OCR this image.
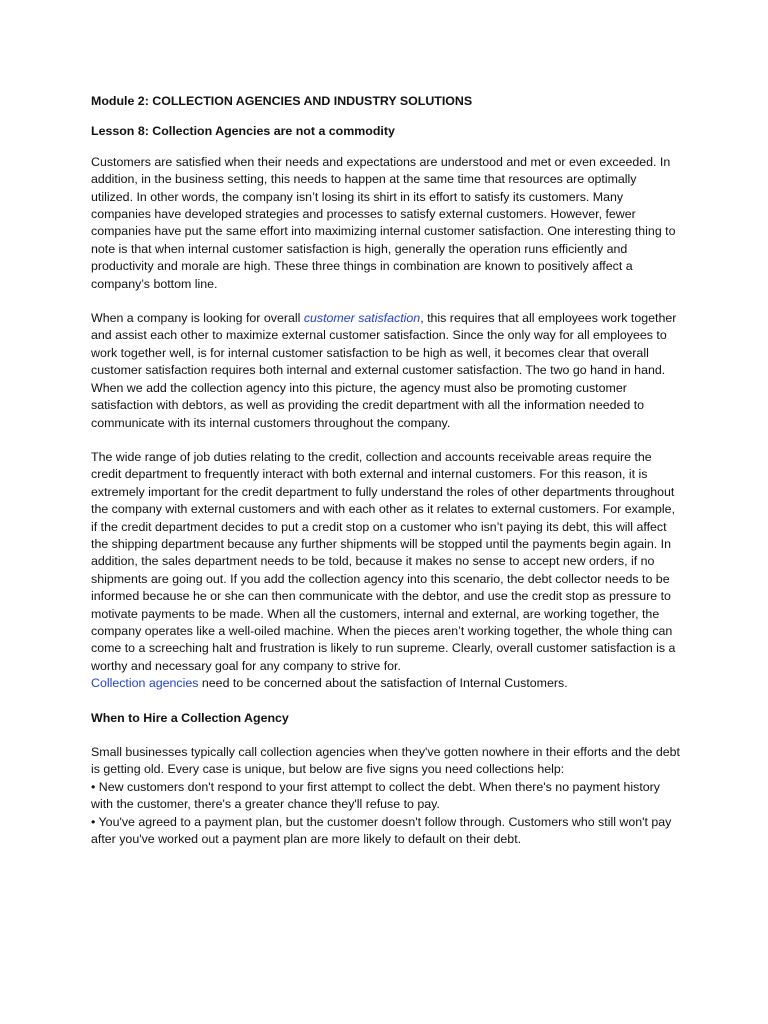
Module 2: COLLECTION AGENCIES AND INDUSTRY SOLUTIONS

Lesson 8: Collection Agencies are not a commodity

Customers are satisfied when their needs and expectations are understood and met or even exceeded. In addition, in the business setting, this needs to happen at the same time that resources are optimally utilized. In other words, the company isn’t losing its shirt in its effort to satisfy its customers. Many companies have developed strategies and processes to satisfy external customers. However, fewer companies have put the same effort into maximizing internal customer satisfaction. One interesting thing to note is that when internal customer satisfaction is high, generally the operation runs efficiently and productivity and morale are high. These three things in combination are known to positively affect a company’s bottom line.

When a company is looking for overall customer satisfaction, this requires that all employees work together and assist each other to maximize external customer satisfaction. Since the only way for all employees to work together well, is for internal customer satisfaction to be high as well, it becomes clear that overall customer satisfaction requires both internal and external customer satisfaction. The two go hand in hand. When we add the collection agency into this picture, the agency must also be promoting customer satisfaction with debtors, as well as providing the credit department with all the information needed to communicate with its internal customers throughout the company.

The wide range of job duties relating to the credit, collection and accounts receivable areas require the credit department to frequently interact with both external and internal customers. For this reason, it is extremely important for the credit department to fully understand the roles of other departments throughout the company with external customers and with each other as it relates to external customers. For example, if the credit department decides to put a credit stop on a customer who isn’t paying its debt, this will affect the shipping department because any further shipments will be stopped until the payments begin again. In addition, the sales department needs to be told, because it makes no sense to accept new orders, if no shipments are going out. If you add the collection agency into this scenario, the debt collector needs to be informed because he or she can then communicate with the debtor, and use the credit stop as pressure to motivate payments to be made. When all the customers, internal and external, are working together, the company operates like a well-oiled machine. When the pieces aren’t working together, the whole thing can come to a screeching halt and frustration is likely to run supreme. Clearly, overall customer satisfaction is a worthy and necessary goal for any company to strive for.

Collection agencies need to be concerned about the satisfaction of Internal Customers.

When to Hire a Collection Agency

Small businesses typically call collection agencies when they've gotten nowhere in their efforts and the debt is getting old. Every case is unique, but below are five signs you need collections help:

• New customers don't respond to your first attempt to collect the debt. When there's no payment history with the customer, there's a greater chance they'll refuse to pay.

• You've agreed to a payment plan, but the customer doesn't follow through. Customers who still won't pay after you've worked out a payment plan are more likely to default on their debt.
